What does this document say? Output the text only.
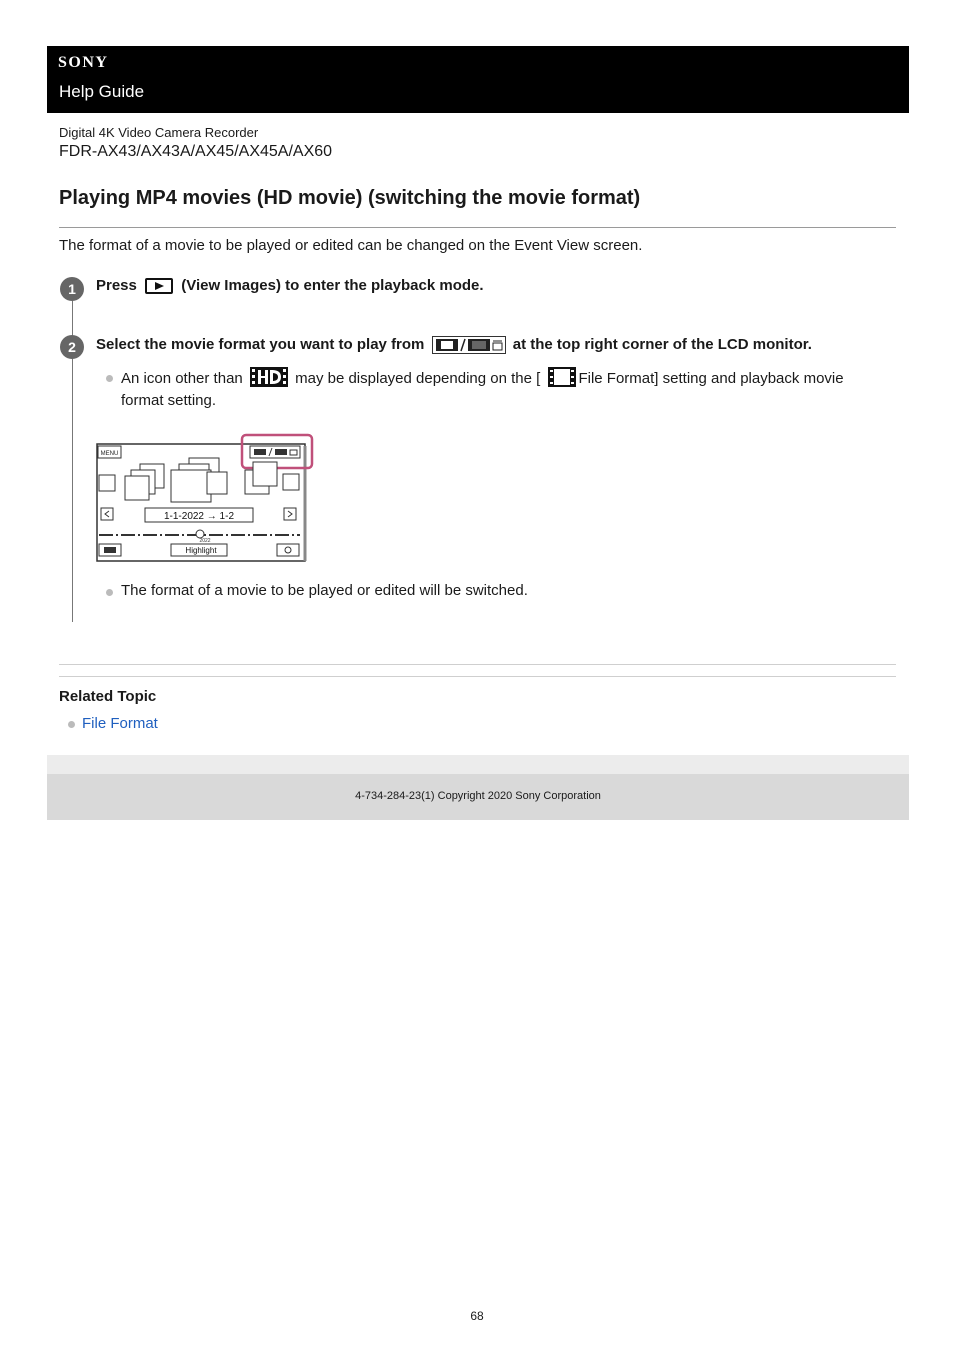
SONY
Help Guide
Digital 4K Video Camera Recorder
FDR-AX43/AX43A/AX45/AX45A/AX60
Playing MP4 movies (HD movie) (switching the movie format)
The format of a movie to be played or edited can be changed on the Event View screen.
1	Press	(View Images) to enter the playback mode.
2	Select the movie format you want to play from	at the top right corner of the LCD monitor.
An icon other than	may be displayed depending on the [	File Format] setting and playback movie format setting.
MENU
1-1-2022 → 1-2
2022
Highlight
The format of a movie to be played or edited will be switched.
Related Topic
File Format
4-734-284-23(1) Copyright 2020 Sony Corporation
68
